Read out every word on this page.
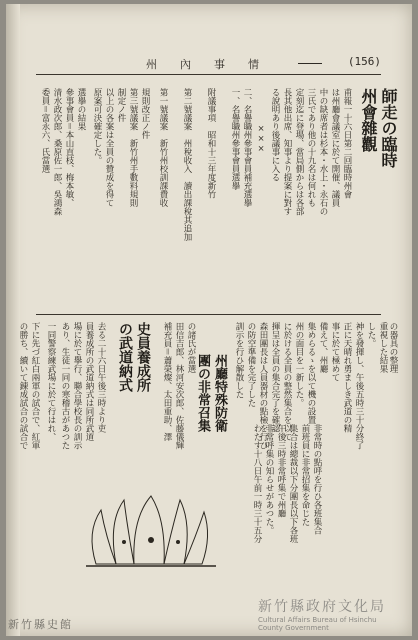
州　內　事　情	(156)
師走の臨時
州會雜觀
甫報一十六日第二回臨時州會
は州廳會議室に於て開催、議員
中の缺席者は杉本・水上・永石の
三氏であり他の十九名は何れも
定刻迄に登場、當局側からは各部
長其他出席、知事より提案に對す
る說明あり後議事に入る
×××
二、名譽職州參事會員補充選擧
一、名譽職州參事會員選擧
附議事項　昭和十三年度新竹
第二號議案　州稅收入　讀出課稅其追加
第一號議案　新竹州校訓課費收
規則改正ノ件
第三號議案　新竹州手數料規則
制定ノ件
以上の各案は全員の贊成を得て
原案可決確定した。
選擧の結果
參事會員＝本山直枝、梅本敏、
清水政次郎、桑原佐一郎、吳鴻森
委員＝富永六、氏當選
史員養成所
の武道納式	補充員＝蕭榮燦、太田重助、澤 田信吉郎、林河安次郎、佐藤儀輝 の諸氏が當選
去る二十六日午後三時より吏
員養成所の武道納式は同所武道
場に於て擧行、聯合學校長の訓示
あり、生徒一同の寒稽古があつた	州廳特殊防衛
團の非常召集
わたす十八日午前一時三十五分 非常呼集の知らせがあつた。 午後三時非常呼集で州廳 集合は總裁以下分團長以下各班 前班員に非常招集を命じた 非常時の點呼を行ひ各班集合
下に先づ紅白兩軍の試合で、紅軍
の勝ち、續いて錬成試合の試合で 一同警察練武場に於て行はれ、	正に天晴れ勇ましき武道の精 神を發揮し、午後五時三十分終了 した。 重視した結果 の器具の整理
事に於て極めて
備えて、州廳
集めらるゝを以て機の設置
州の面目を一新した。
に於ける全員の整然集合を以て
揮呈は全員の集合完了を確認
森田團長は人員器材の點檢を行ひ
の防空準備を完了した
訓示を行ひ解散した
新竹縣史館
新竹縣政府文化局
Cultural Affairs Bureau of Hsinchu
County Government
